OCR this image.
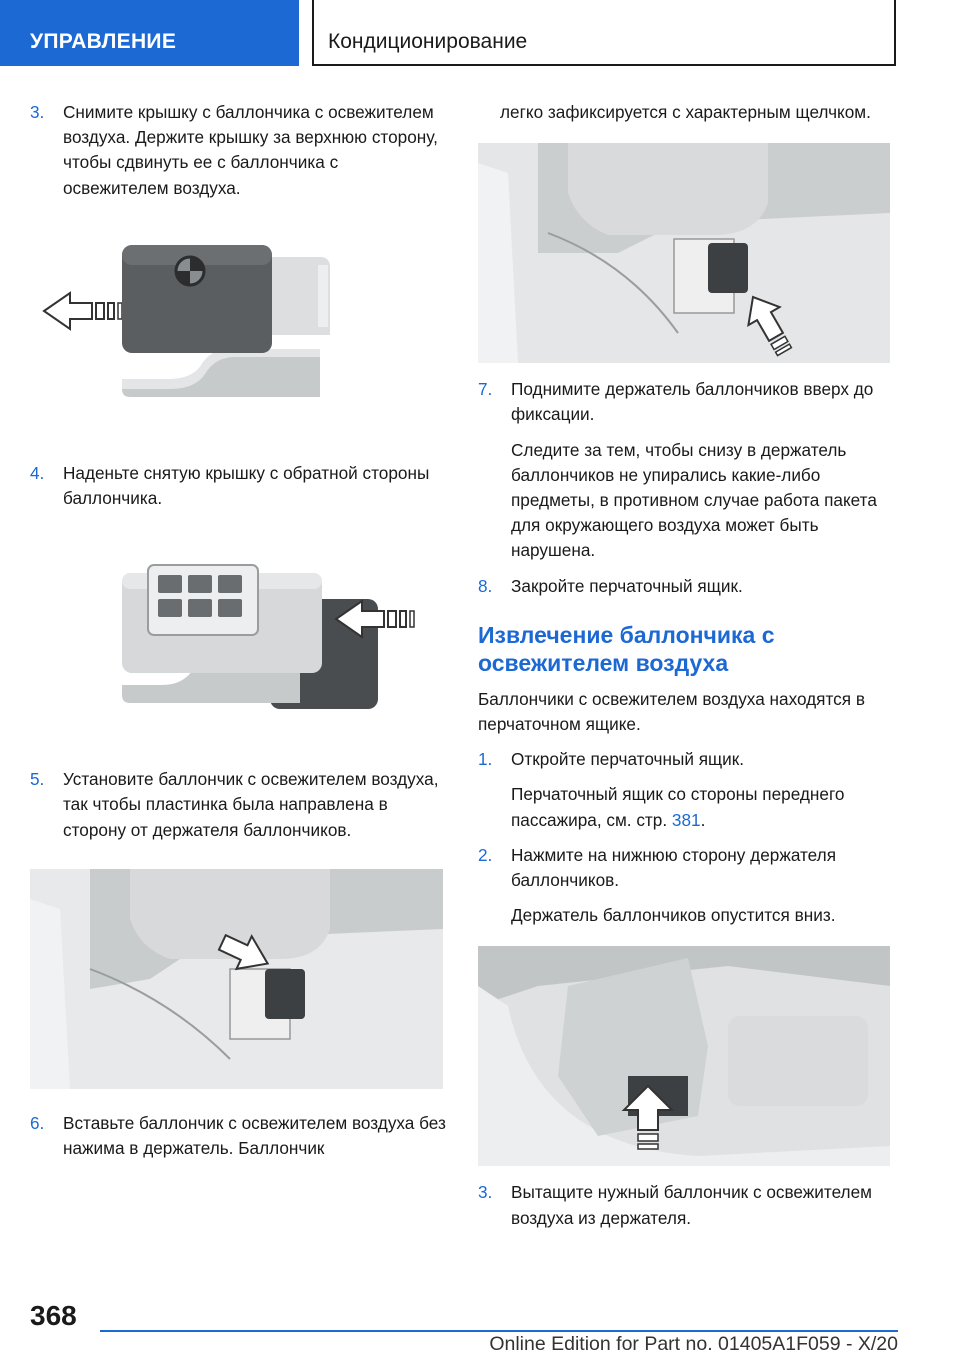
УПРАВЛЕНИЕ	Кондиционирование
3.	Снимите крышку с баллончика с освежителем воздуха. Держите крышку за верхнюю сторону, чтобы сдвинуть ее с баллончика с освежителем воздуха.
4.	Наденьте снятую крышку с обратной стороны баллончика.
5.	Установите баллончик с освежителем воздуха, так чтобы пластинка была направлена в сторону от держателя баллончиков.
6.	Вставьте баллончик с освежителем воздуха без нажима в держатель. Баллончик
легко зафиксируется с характерным щелчком.
7.	Поднимите держатель баллончиков вверх до фиксации.
Следите за тем, чтобы снизу в держатель баллончиков не упирались какие-либо предметы, в противном случае работа пакета для окружающего воздуха может быть нарушена.
8.	Закройте перчаточный ящик.
Извлечение баллончика с освежителем воздуха
Баллончики с освежителем воздуха находятся в перчаточном ящике.
1.	Откройте перчаточный ящик.
Перчаточный ящик со стороны переднего пассажира, см. стр. 381.
2.	Нажмите на нижнюю сторону держателя баллончиков.
Держатель баллончиков опустится вниз.
3.	Вытащите нужный баллончик с освежителем воздуха из держателя.
368
Online Edition for Part no. 01405A1F059 - X/20
